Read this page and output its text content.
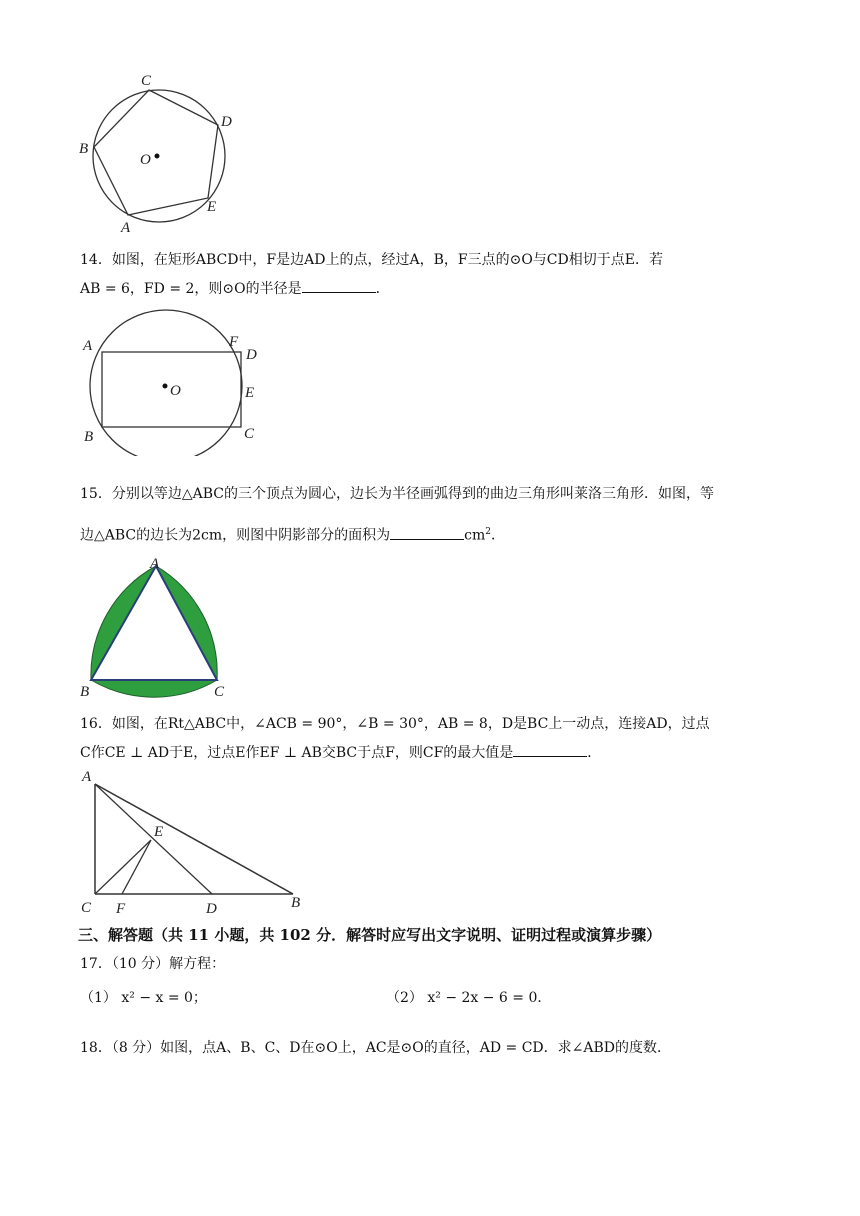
C
D
B
O
E
A
14．如图，在矩形ABCD中，F是边AD上的点，经过A，B，F三点的⊙O与CD相切于点E．若
AB = 6，FD = 2，则⊙O的半径是	．
A	F
D
O	E
B	C
15．分别以等边△ABC的三个顶点为圆心，边长为半径画弧得到的曲边三角形叫莱洛三角形．如图，等
边△ABC的边长为2cm，则图中阴影部分的面积为	$cm^2$．
A
B	C
16．如图，在Rt△ABC中，∠ACB = 90°，∠B = 30°，AB = 8，D是BC上一动点，连接AD，过点
C作CE ⊥ AD于E，过点E作EF ⊥ AB交BC于点F，则CF的最大值是	．
A
E
C F	D	B
三、解答题（共 11 小题，共 102 分．解答时应写出文字说明、证明过程或演算步骤）
17．（10 分）解方程：
（1） x² − x = 0；	（2） x² − 2x − 6 = 0．
18．（8 分）如图，点A、B、C、D在⊙O上，AC是⊙O的直径，AD = CD．求∠ABD的度数．
